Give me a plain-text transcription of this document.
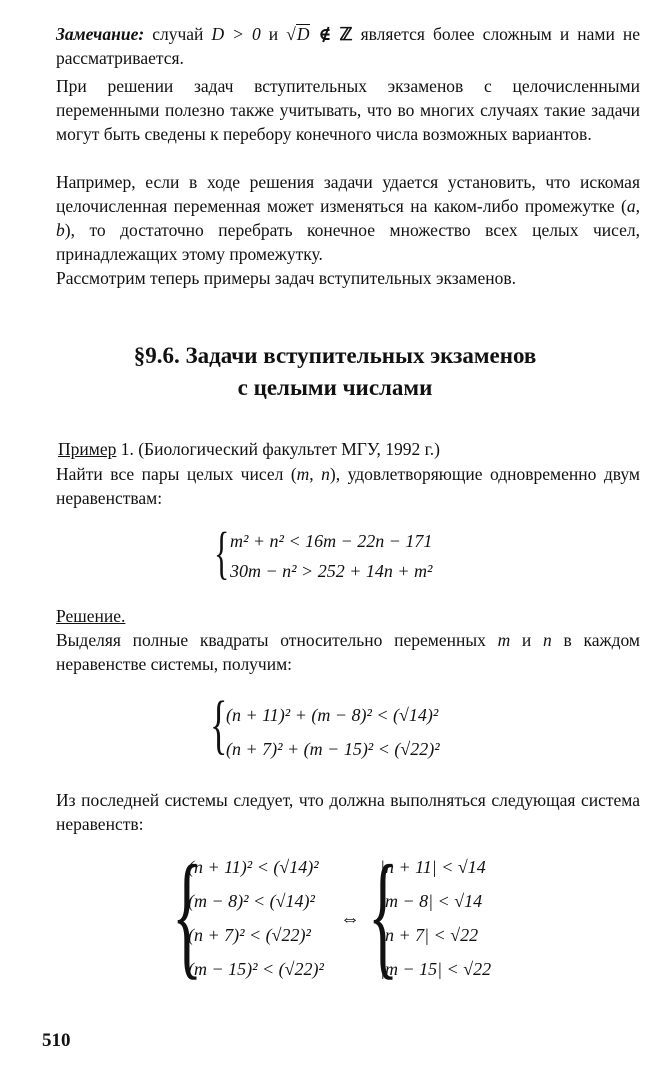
Замечание: случай D > 0 и √D ∉ ℤ является более сложным и нами не рассматривается.

При решении задач вступительных экзаменов с целочисленными переменными полезно также учитывать, что во многих случаях такие задачи могут быть сведены к перебору конечного числа возможных вариантов.

Например, если в ходе решения задачи удается установить, что искомая целочисленная переменная может изменяться на каком-либо промежутке (a, b), то достаточно перебрать конечное множество всех целых чисел, принадлежащих этому промежутку.

Рассмотрим теперь примеры задач вступительных экзаменов.

§9.6. Задачи вступительных экзаменов
с целыми числами

Пример 1. (Биологический факультет МГУ, 1992 г.)

Найти все пары целых чисел (m, n), удовлетворяющие одновременно двум неравенствам:

{ m² + n² < 16m − 22n − 171
30m − n² > 252 + 14n + m²

Решение.

Выделяя полные квадраты относительно переменных m и n в каждом неравенстве системы, получим:

{
(n + 11)² + (m − 8)² < (√14)²
(n + 7)² + (m − 15)² < (√22)²

Из последней системы следует, что должна выполняться следующая система неравенств:

{
(n + 11)² < (√14)²
(m − 8)² < (√14)²
(n + 7)² < (√22)²
(m − 15)² < (√22)²
⇔ {
|n + 11| < √14
|m − 8| < √14
|n + 7| < √22
|m − 15| < √22
510
